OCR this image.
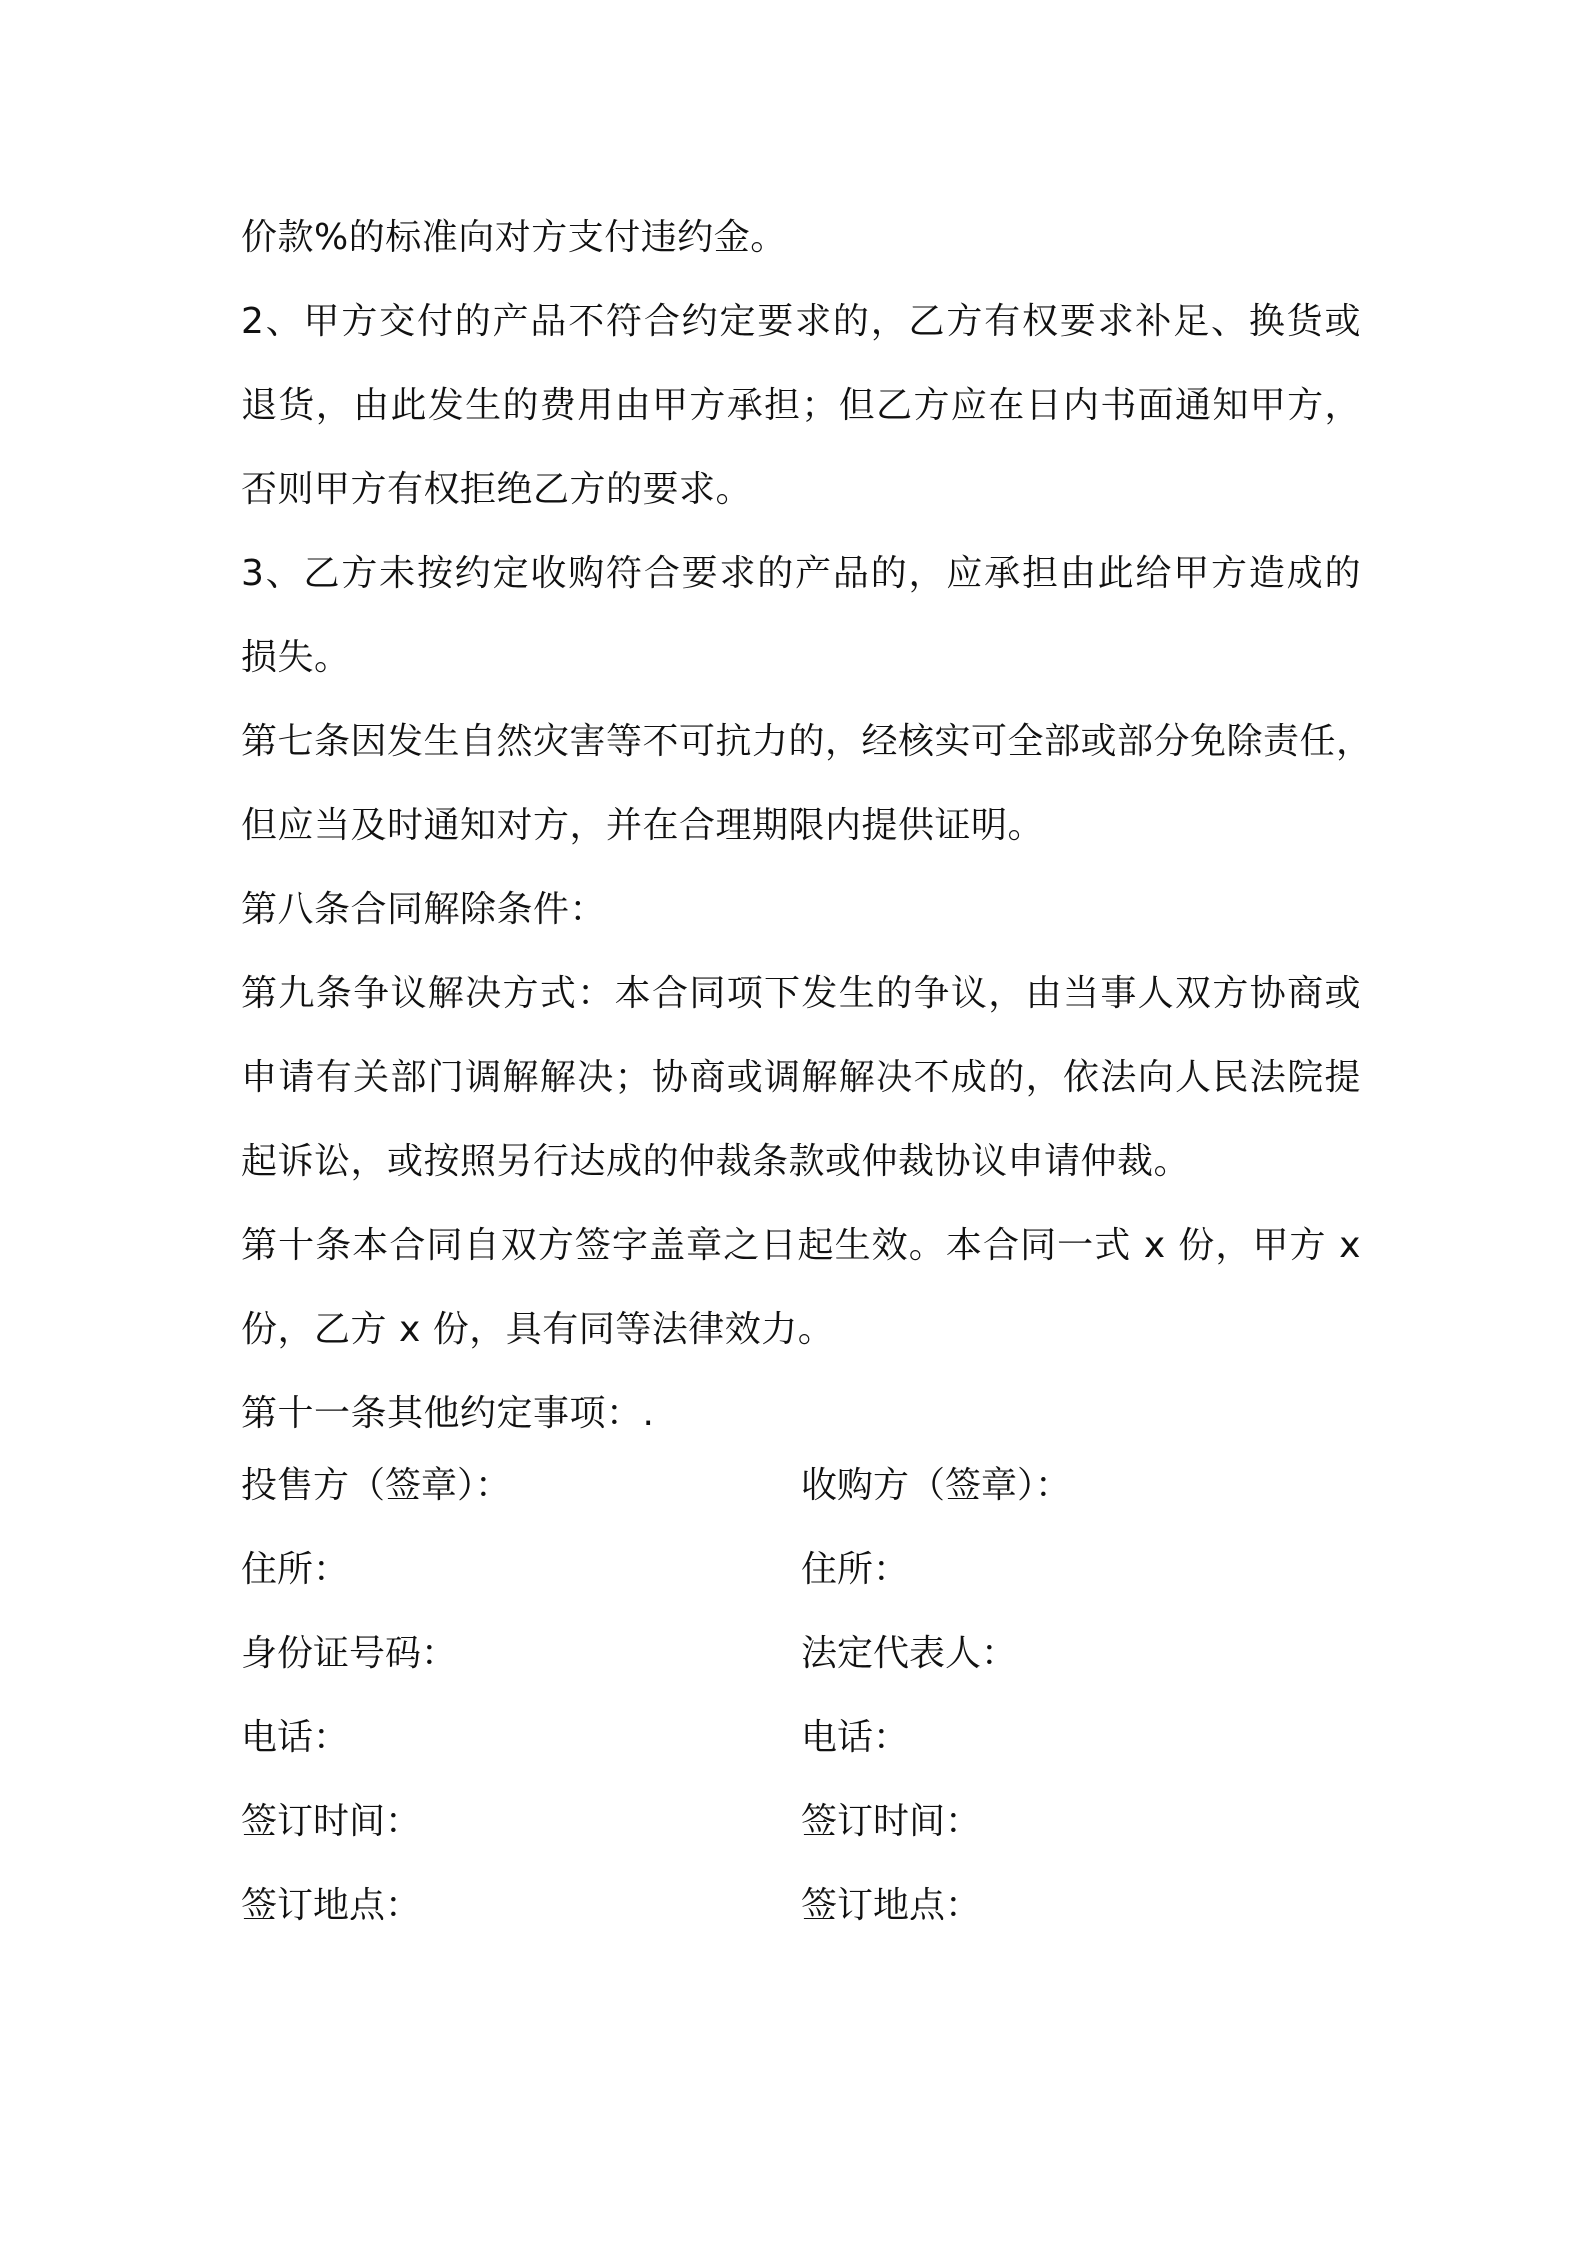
价款%的标准向对方支付违约金。
2、甲方交付的产品不符合约定要求的，乙方有权要求补足、换货或
退货，由此发生的费用由甲方承担；但乙方应在日内书面通知甲方，
否则甲方有权拒绝乙方的要求。
3、乙方未按约定收购符合要求的产品的，应承担由此给甲方造成的
损失。
第七条因发生自然灾害等不可抗力的，经核实可全部或部分免除责任，
但应当及时通知对方，并在合理期限内提供证明。
第八条合同解除条件：
第九条争议解决方式：本合同项下发生的争议，由当事人双方协商或
申请有关部门调解解决；协商或调解解决不成的，依法向人民法院提
起诉讼，或按照另行达成的仲裁条款或仲裁协议申请仲裁。
第十条本合同自双方签字盖章之日起生效。本合同一式 x 份，甲方 x
份，乙方 x 份，具有同等法律效力。
第十一条其他约定事项：.
投售方（签章）：	收购方（签章）：
住所：	住所：
身份证号码：	法定代表人：
电话：	电话：
签订时间：	签订时间：
签订地点：	签订地点：
